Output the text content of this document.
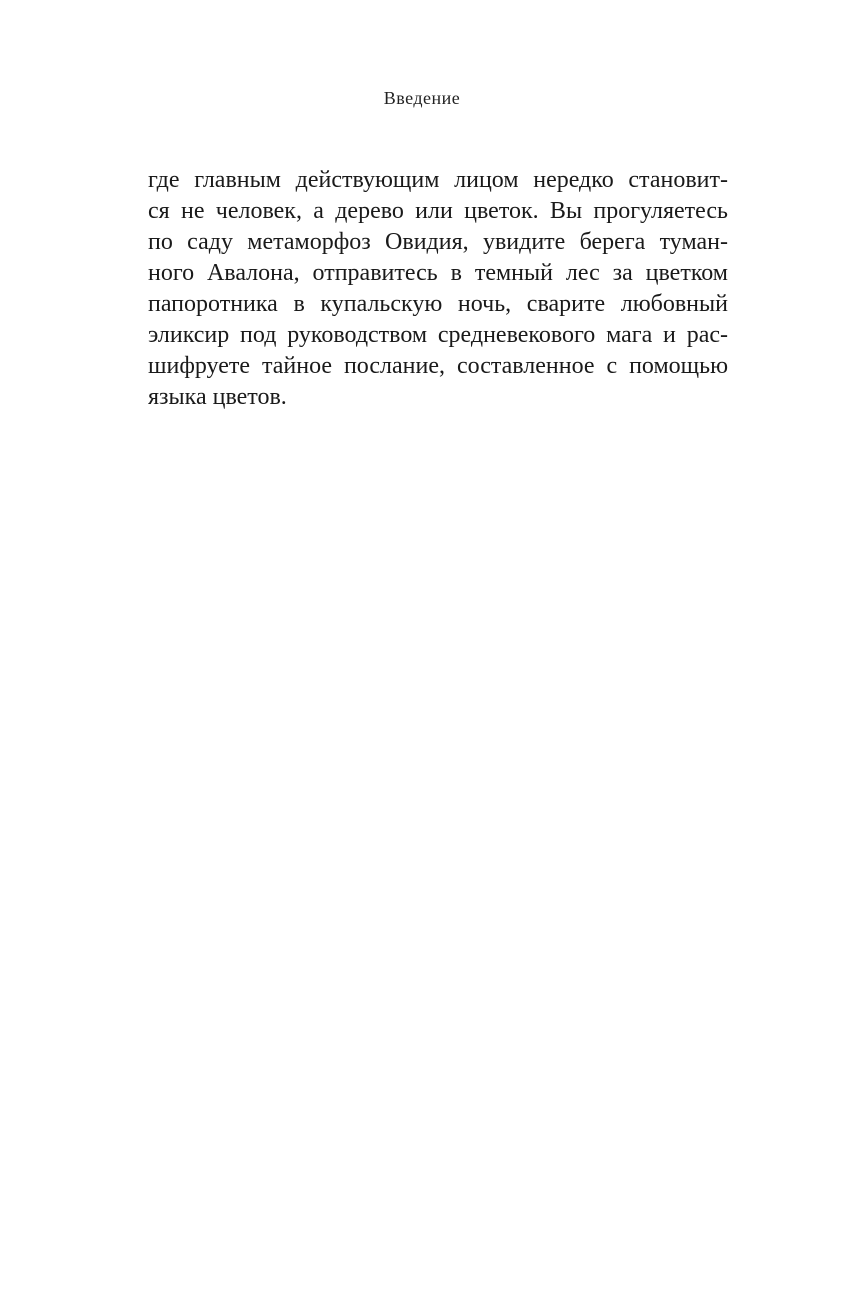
Введение
где главным действующим лицом нередко становит-
ся не человек, а дерево или цветок. Вы прогуляетесь
по саду метаморфоз Овидия, увидите берега туман-
ного Авалона, отправитесь в темный лес за цветком
папоротника в купальскую ночь, сварите любовный
эликсир под руководством средневекового мага и рас-
шифруете тайное послание, составленное с помощью
языка цветов.
